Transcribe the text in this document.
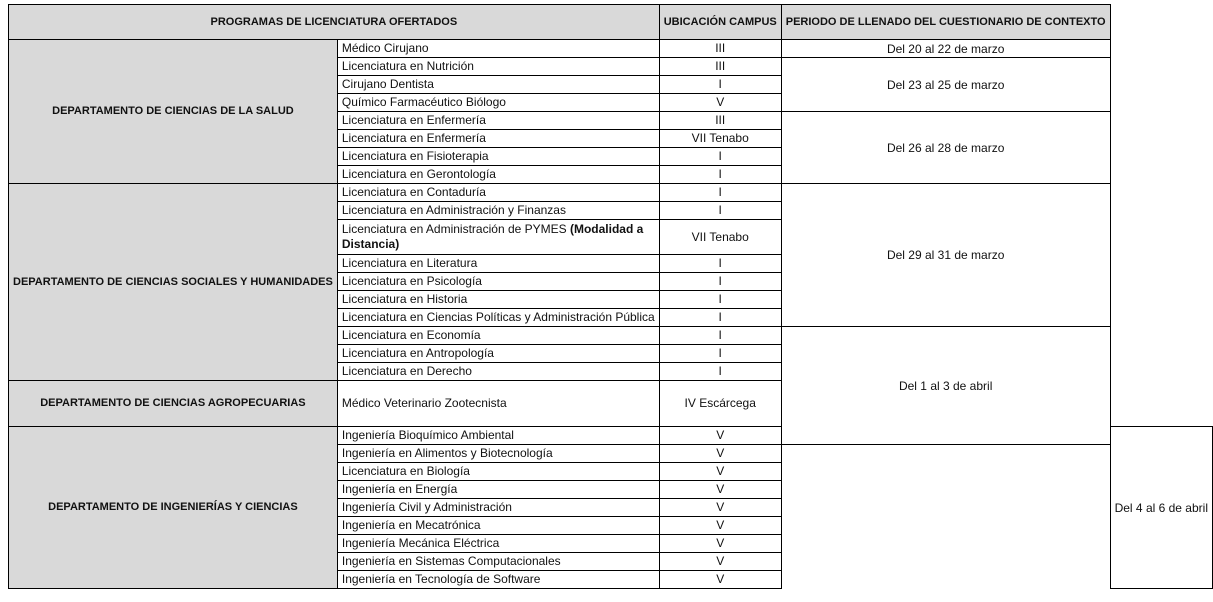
PROGRAMAS DE LICENCIATURA OFERTADOS		UBICACIÓN CAMPUS	PERIODO DE LLENADO DEL CUESTIONARIO DE CONTEXTO	
DEPARTAMENTO DE CIENCIAS DE LA SALUD	Médico Cirujano	III	Del 20 al 22 de marzo	
	Licenciatura en Nutrición	III	Del 23 al 25 de marzo	
	Cirujano Dentista	I		
	Químico Farmacéutico Biólogo	V		
	Licenciatura en Enfermería	III	Del 26 al 28 de marzo	
	Licenciatura en Enfermería	VII Tenabo		
	Licenciatura en Fisioterapia	I		
	Licenciatura en Gerontología	I		
DEPARTAMENTO DE CIENCIAS SOCIALES Y HUMANIDADES	Licenciatura en Contaduría	I	Del 29 al 31 de marzo	
	Licenciatura en Administración y Finanzas	I		
	Licenciatura en Administración de PYMES (Modalidad a Distancia)	VII Tenabo		
	Licenciatura en Literatura	I		
	Licenciatura en Psicología	I		
	Licenciatura en Historia	I		
	Licenciatura en Ciencias Políticas y Administración Pública	I		
	Licenciatura en Economía	I	Del 1 al 3 de abril	
	Licenciatura en Antropología	I		
	Licenciatura en Derecho	I		
DEPARTAMENTO DE CIENCIAS AGROPECUARIAS	Médico Veterinario Zootecnista	IV Escárcega		
DEPARTAMENTO DE INGENIERÍAS Y CIENCIAS	Ingeniería Bioquímico Ambiental	V		Del 4 al 6 de abril
	Ingeniería en Alimentos y Biotecnología	V		
	Licenciatura en Biología	V		
	Ingeniería en Energía	V		
	Ingeniería Civil y Administración	V		
	Ingeniería en Mecatrónica	V		
	Ingeniería Mecánica Eléctrica	V		
	Ingeniería en Sistemas Computacionales	V		
	Ingeniería en Tecnología de Software	V		
